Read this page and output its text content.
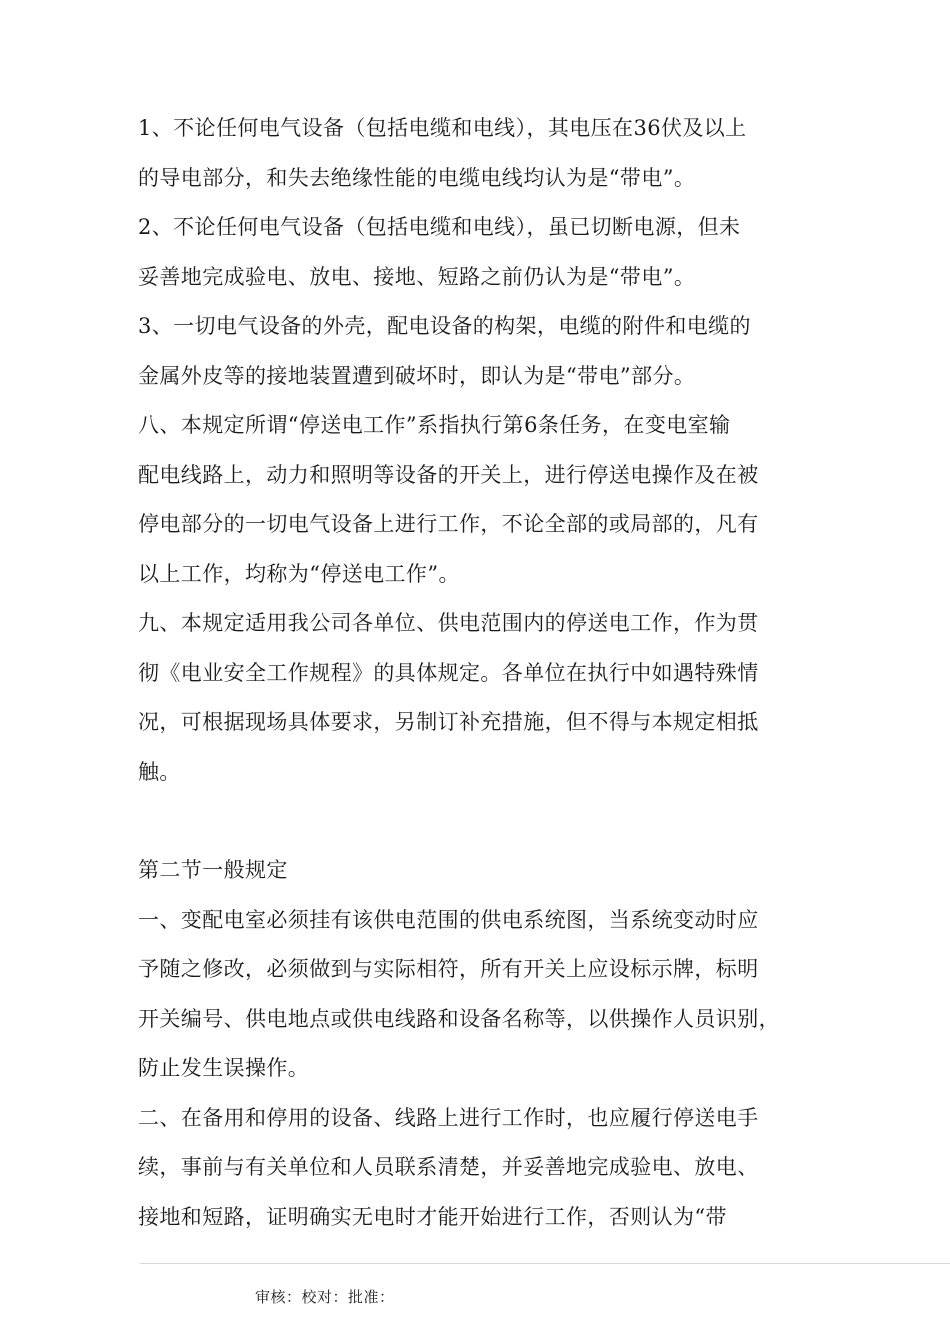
1、不论任何电气设备（包括电缆和电线），其电压在36伏及以上
的导电部分，和失去绝缘性能的电缆电线均认为是“带电”。
2、不论任何电气设备（包括电缆和电线），虽已切断电源，但未
妥善地完成验电、放电、接地、短路之前仍认为是“带电”。
3、一切电气设备的外壳，配电设备的构架，电缆的附件和电缆的
金属外皮等的接地装置遭到破坏时，即认为是“带电”部分。
八、本规定所谓“停送电工作”系指执行第6条任务，在变电室输
配电线路上，动力和照明等设备的开关上，进行停送电操作及在被
停电部分的一切电气设备上进行工作，不论全部的或局部的，凡有
以上工作，均称为“停送电工作”。
九、本规定适用我公司各单位、供电范围内的停送电工作，作为贯
彻《电业安全工作规程》的具体规定。各单位在执行中如遇特殊情
况，可根据现场具体要求，另制订补充措施，但不得与本规定相抵
触。
第二节一般规定
一、变配电室必须挂有该供电范围的供电系统图，当系统变动时应
予随之修改，必须做到与实际相符，所有开关上应设标示牌，标明
开关编号、供电地点或供电线路和设备名称等，以供操作人员识别，
防止发生误操作。
二、在备用和停用的设备、线路上进行工作时，也应履行停送电手
续，事前与有关单位和人员联系清楚，并妥善地完成验电、放电、
接地和短路，证明确实无电时才能开始进行工作，否则认为“带
审核：校对：批准：
